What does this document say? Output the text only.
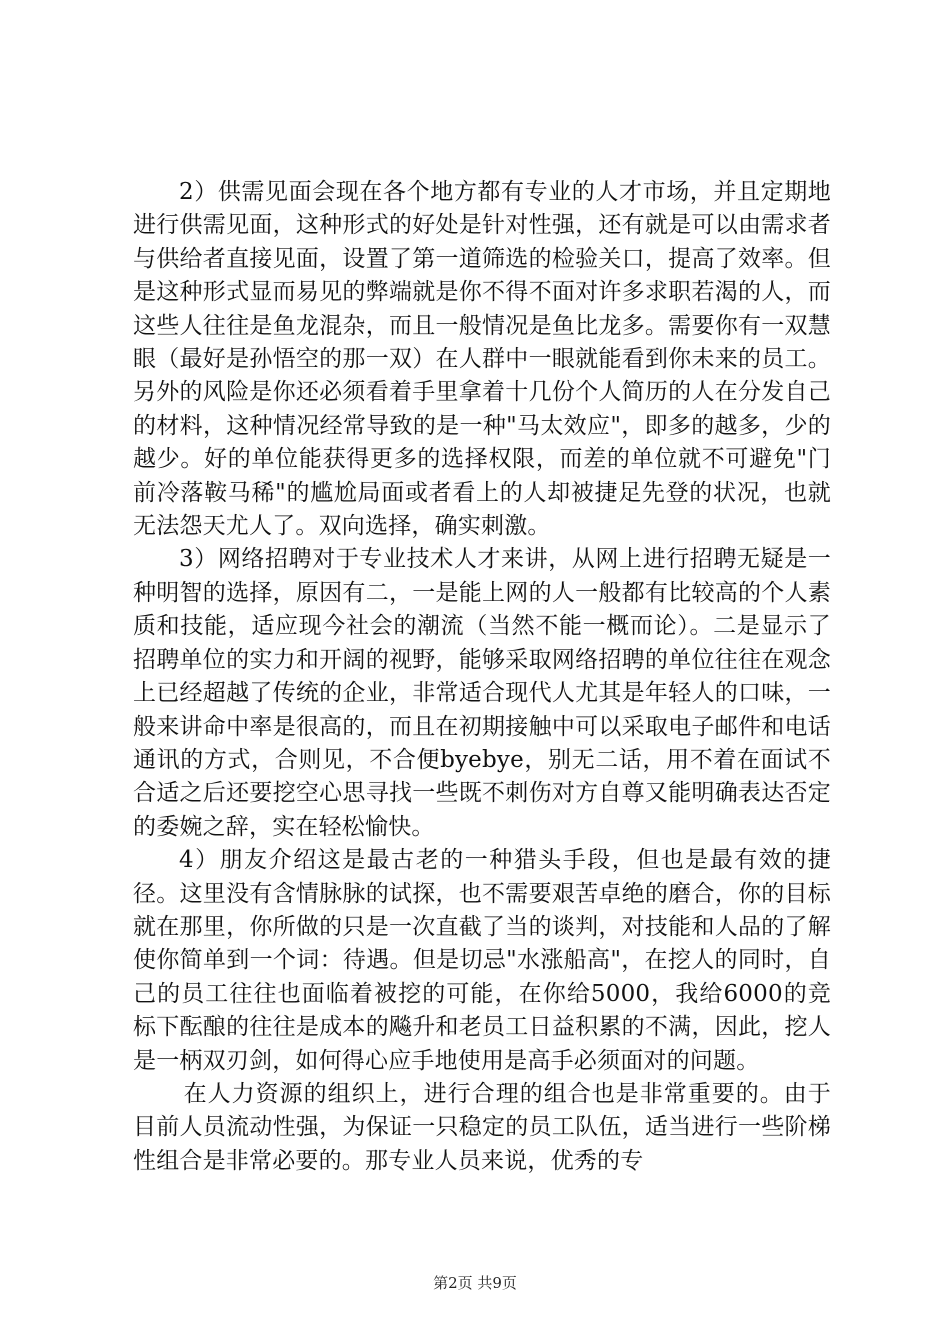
2）供需见面会现在各个地方都有专业的人才市场，并且定期地进行供需见面，这种形式的好处是针对性强，还有就是可以由需求者与供给者直接见面，设置了第一道筛选的检验关口，提高了效率。但是这种形式显而易见的弊端就是你不得不面对许多求职若渴的人，而这些人往往是鱼龙混杂，而且一般情况是鱼比龙多。需要你有一双慧眼（最好是孙悟空的那一双）在人群中一眼就能看到你未来的员工。另外的风险是你还必须看着手里拿着十几份个人简历的人在分发自己的材料，这种情况经常导致的是一种"马太效应"，即多的越多，少的越少。好的单位能获得更多的选择权限，而差的单位就不可避免"门前冷落鞍马稀"的尴尬局面或者看上的人却被捷足先登的状况，也就无法怨天尤人了。双向选择，确实刺激。

3）网络招聘对于专业技术人才来讲，从网上进行招聘无疑是一种明智的选择，原因有二，一是能上网的人一般都有比较高的个人素质和技能，适应现今社会的潮流（当然不能一概而论）。二是显示了招聘单位的实力和开阔的视野，能够采取网络招聘的单位往往在观念上已经超越了传统的企业，非常适合现代人尤其是年轻人的口味，一般来讲命中率是很高的，而且在初期接触中可以采取电子邮件和电话通讯的方式，合则见，不合便byebye，别无二话，用不着在面试不合适之后还要挖空心思寻找一些既不刺伤对方自尊又能明确表达否定的委婉之辞，实在轻松愉快。

4）朋友介绍这是最古老的一种猎头手段，但也是最有效的捷径。这里没有含情脉脉的试探，也不需要艰苦卓绝的磨合，你的目标就在那里，你所做的只是一次直截了当的谈判，对技能和人品的了解使你简单到一个词：待遇。但是切忌"水涨船高"，在挖人的同时，自己的员工往往也面临着被挖的可能，在你给5000，我给6000的竞标下酝酿的往往是成本的飚升和老员工日益积累的不满，因此，挖人是一柄双刃剑，如何得心应手地使用是高手必须面对的问题。

在人力资源的组织上，进行合理的组合也是非常重要的。由于目前人员流动性强，为保证一只稳定的员工队伍，适当进行一些阶梯性组合是非常必要的。那专业人员来说，优秀的专

第2页 共9页
